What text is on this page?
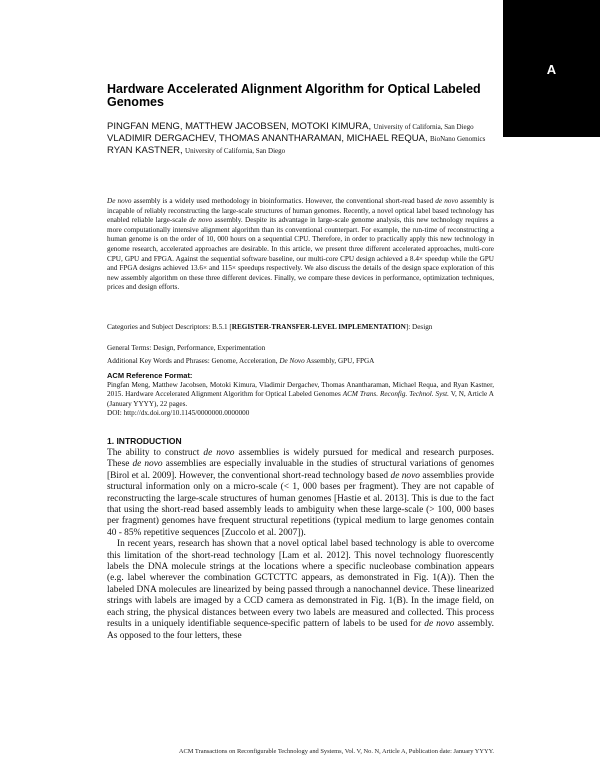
A
Hardware Accelerated Alignment Algorithm for Optical Labeled Genomes
PINGFAN MENG, MATTHEW JACOBSEN, MOTOKI KIMURA, University of California, San Diego
VLADIMIR DERGACHEV, THOMAS ANANTHARAMAN, MICHAEL REQUA, BioNano Genomics
RYAN KASTNER, University of California, San Diego

De novo assembly is a widely used methodology in bioinformatics. However, the conventional short-read based de novo assembly is incapable of reliably reconstructing the large-scale structures of human genomes. Recently, a novel optical label based technology has enabled reliable large-scale de novo assembly. Despite its advantage in large-scale genome analysis, this new technology requires a more computationally intensive alignment algorithm than its conventional counterpart. For example, the run-time of reconstructing a human genome is on the order of 10, 000 hours on a sequential CPU. Therefore, in order to practically apply this new technology in genome research, accelerated approaches are desirable. In this article, we present three different accelerated approaches, multi-core CPU, GPU and FPGA. Against the sequential software baseline, our multi-core CPU design achieved a 8.4× speedup while the GPU and FPGA designs achieved 13.6× and 115× speedups respectively. We also discuss the details of the design space exploration of this new assembly algorithm on these three different devices. Finally, we compare these devices in performance, optimization techniques, prices and design efforts.

Categories and Subject Descriptors: B.5.1 [REGISTER-TRANSFER-LEVEL IMPLEMENTATION]: Design

General Terms: Design, Performance, Experimentation

Additional Key Words and Phrases: Genome, Acceleration, De Novo Assembly, GPU, FPGA

ACM Reference Format:

Pingfan Meng, Matthew Jacobsen, Motoki Kimura, Vladimir Dergachev, Thomas Anantharaman, Michael Requa, and Ryan Kastner, 2015. Hardware Accelerated Alignment Algorithm for Optical Labeled Genomes ACM Trans. Reconfig. Technol. Syst. V, N, Article A (January YYYY), 22 pages.

DOI: http://dx.doi.org/10.1145/0000000.0000000

1. INTRODUCTION

The ability to construct de novo assemblies is widely pursued for medical and research purposes. These de novo assemblies are especially invaluable in the studies of structural variations of genomes [Birol et al. 2009]. However, the conventional short-read technology based de novo assemblies provide structural information only on a micro-scale (< 1, 000 bases per fragment). They are not capable of reconstructing the large-scale structures of human genomes [Hastie et al. 2013]. This is due to the fact that using the short-read based assembly leads to ambiguity when these large-scale (> 100, 000 bases per fragment) genomes have frequent structural repetitions (typical medium to large genomes contain 40 - 85% repetitive sequences [Zuccolo et al. 2007]).

In recent years, research has shown that a novel optical label based technology is able to overcome this limitation of the short-read technology [Lam et al. 2012]. This novel technology fluorescently labels the DNA molecule strings at the locations where a specific nucleobase combination appears (e.g. label wherever the combination GCTCTTC appears, as demonstrated in Fig. 1(A)). Then the labeled DNA molecules are linearized by being passed through a nanochannel device. These linearized strings with labels are imaged by a CCD camera as demonstrated in Fig. 1(B). In the image field, on each string, the physical distances between every two labels are measured and collected. This process results in a uniquely identifiable sequence-specific pattern of labels to be used for de novo assembly. As opposed to the four letters, these

ACM Transactions on Reconfigurable Technology and Systems, Vol. V, No. N, Article A, Publication date: January YYYY.
